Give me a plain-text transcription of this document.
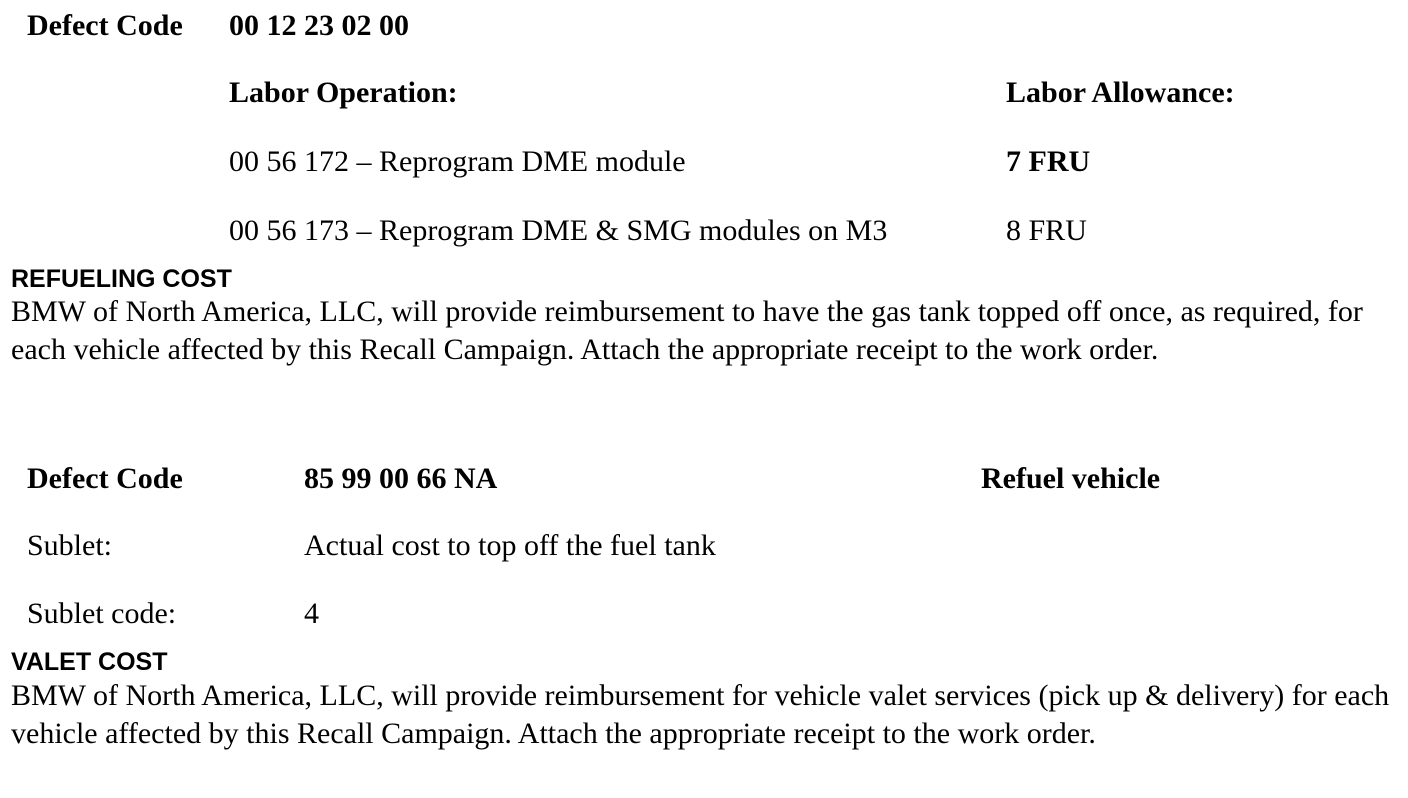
Defect Code 00 12 23 02 00
Labor Operation:	Labor Allowance:
00 56 172 – Reprogram DME module	7 FRU
00 56 173 – Reprogram DME & SMG modules on M3	8 FRU
REFUELING COST
BMW of North America, LLC, will provide reimbursement to have the gas tank topped off once, as required, for each vehicle affected by this Recall Campaign. Attach the appropriate receipt to the work order.
Defect Code	85 99 00 66 NA	Refuel vehicle
Sublet:	Actual cost to top off the fuel tank
Sublet code:	4
VALET COST
BMW of North America, LLC, will provide reimbursement for vehicle valet services (pick up & delivery) for each vehicle affected by this Recall Campaign. Attach the appropriate receipt to the work order.
